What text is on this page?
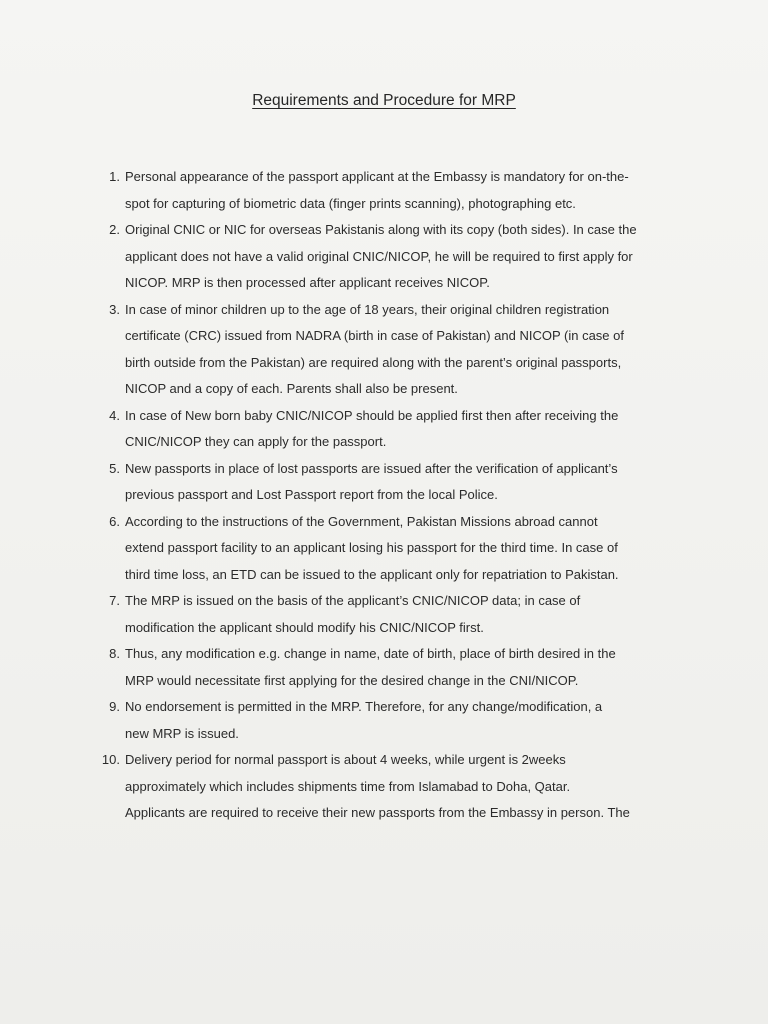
Requirements and Procedure for MRP
1. Personal appearance of the passport applicant at the Embassy is mandatory for on-the-
spot for capturing of biometric data (finger prints scanning), photographing etc.
2. Original CNIC or NIC for overseas Pakistanis along with its copy (both sides). In case the
applicant does not have a valid original CNIC/NICOP, he will be required to first apply for
NICOP. MRP is then processed after applicant receives NICOP.
3. In case of minor children up to the age of 18 years, their original children registration
certificate (CRC) issued from NADRA (birth in case of Pakistan) and NICOP (in case of
birth outside from the Pakistan) are required along with the parent’s original passports,
NICOP and a copy of each. Parents shall also be present.
4. In case of New born baby CNIC/NICOP should be applied first then after receiving the
CNIC/NICOP they can apply for the passport.
5. New passports in place of lost passports are issued after the verification of applicant’s
previous passport and Lost Passport report from the local Police.
6. According to the instructions of the Government, Pakistan Missions abroad cannot
extend passport facility to an applicant losing his passport for the third time. In case of
third time loss, an ETD can be issued to the applicant only for repatriation to Pakistan.
7. The MRP is issued on the basis of the applicant’s CNIC/NICOP data; in case of
modification the applicant should modify his CNIC/NICOP first.
8. Thus, any modification e.g. change in name, date of birth, place of birth desired in the
MRP would necessitate first applying for the desired change in the CNI/NICOP.
9. No endorsement is permitted in the MRP. Therefore, for any change/modification, a
new MRP is issued.
10. Delivery period for normal passport is about 4 weeks, while urgent is 2weeks
approximately which includes shipments time from Islamabad to Doha, Qatar.
Applicants are required to receive their new passports from the Embassy in person. The
